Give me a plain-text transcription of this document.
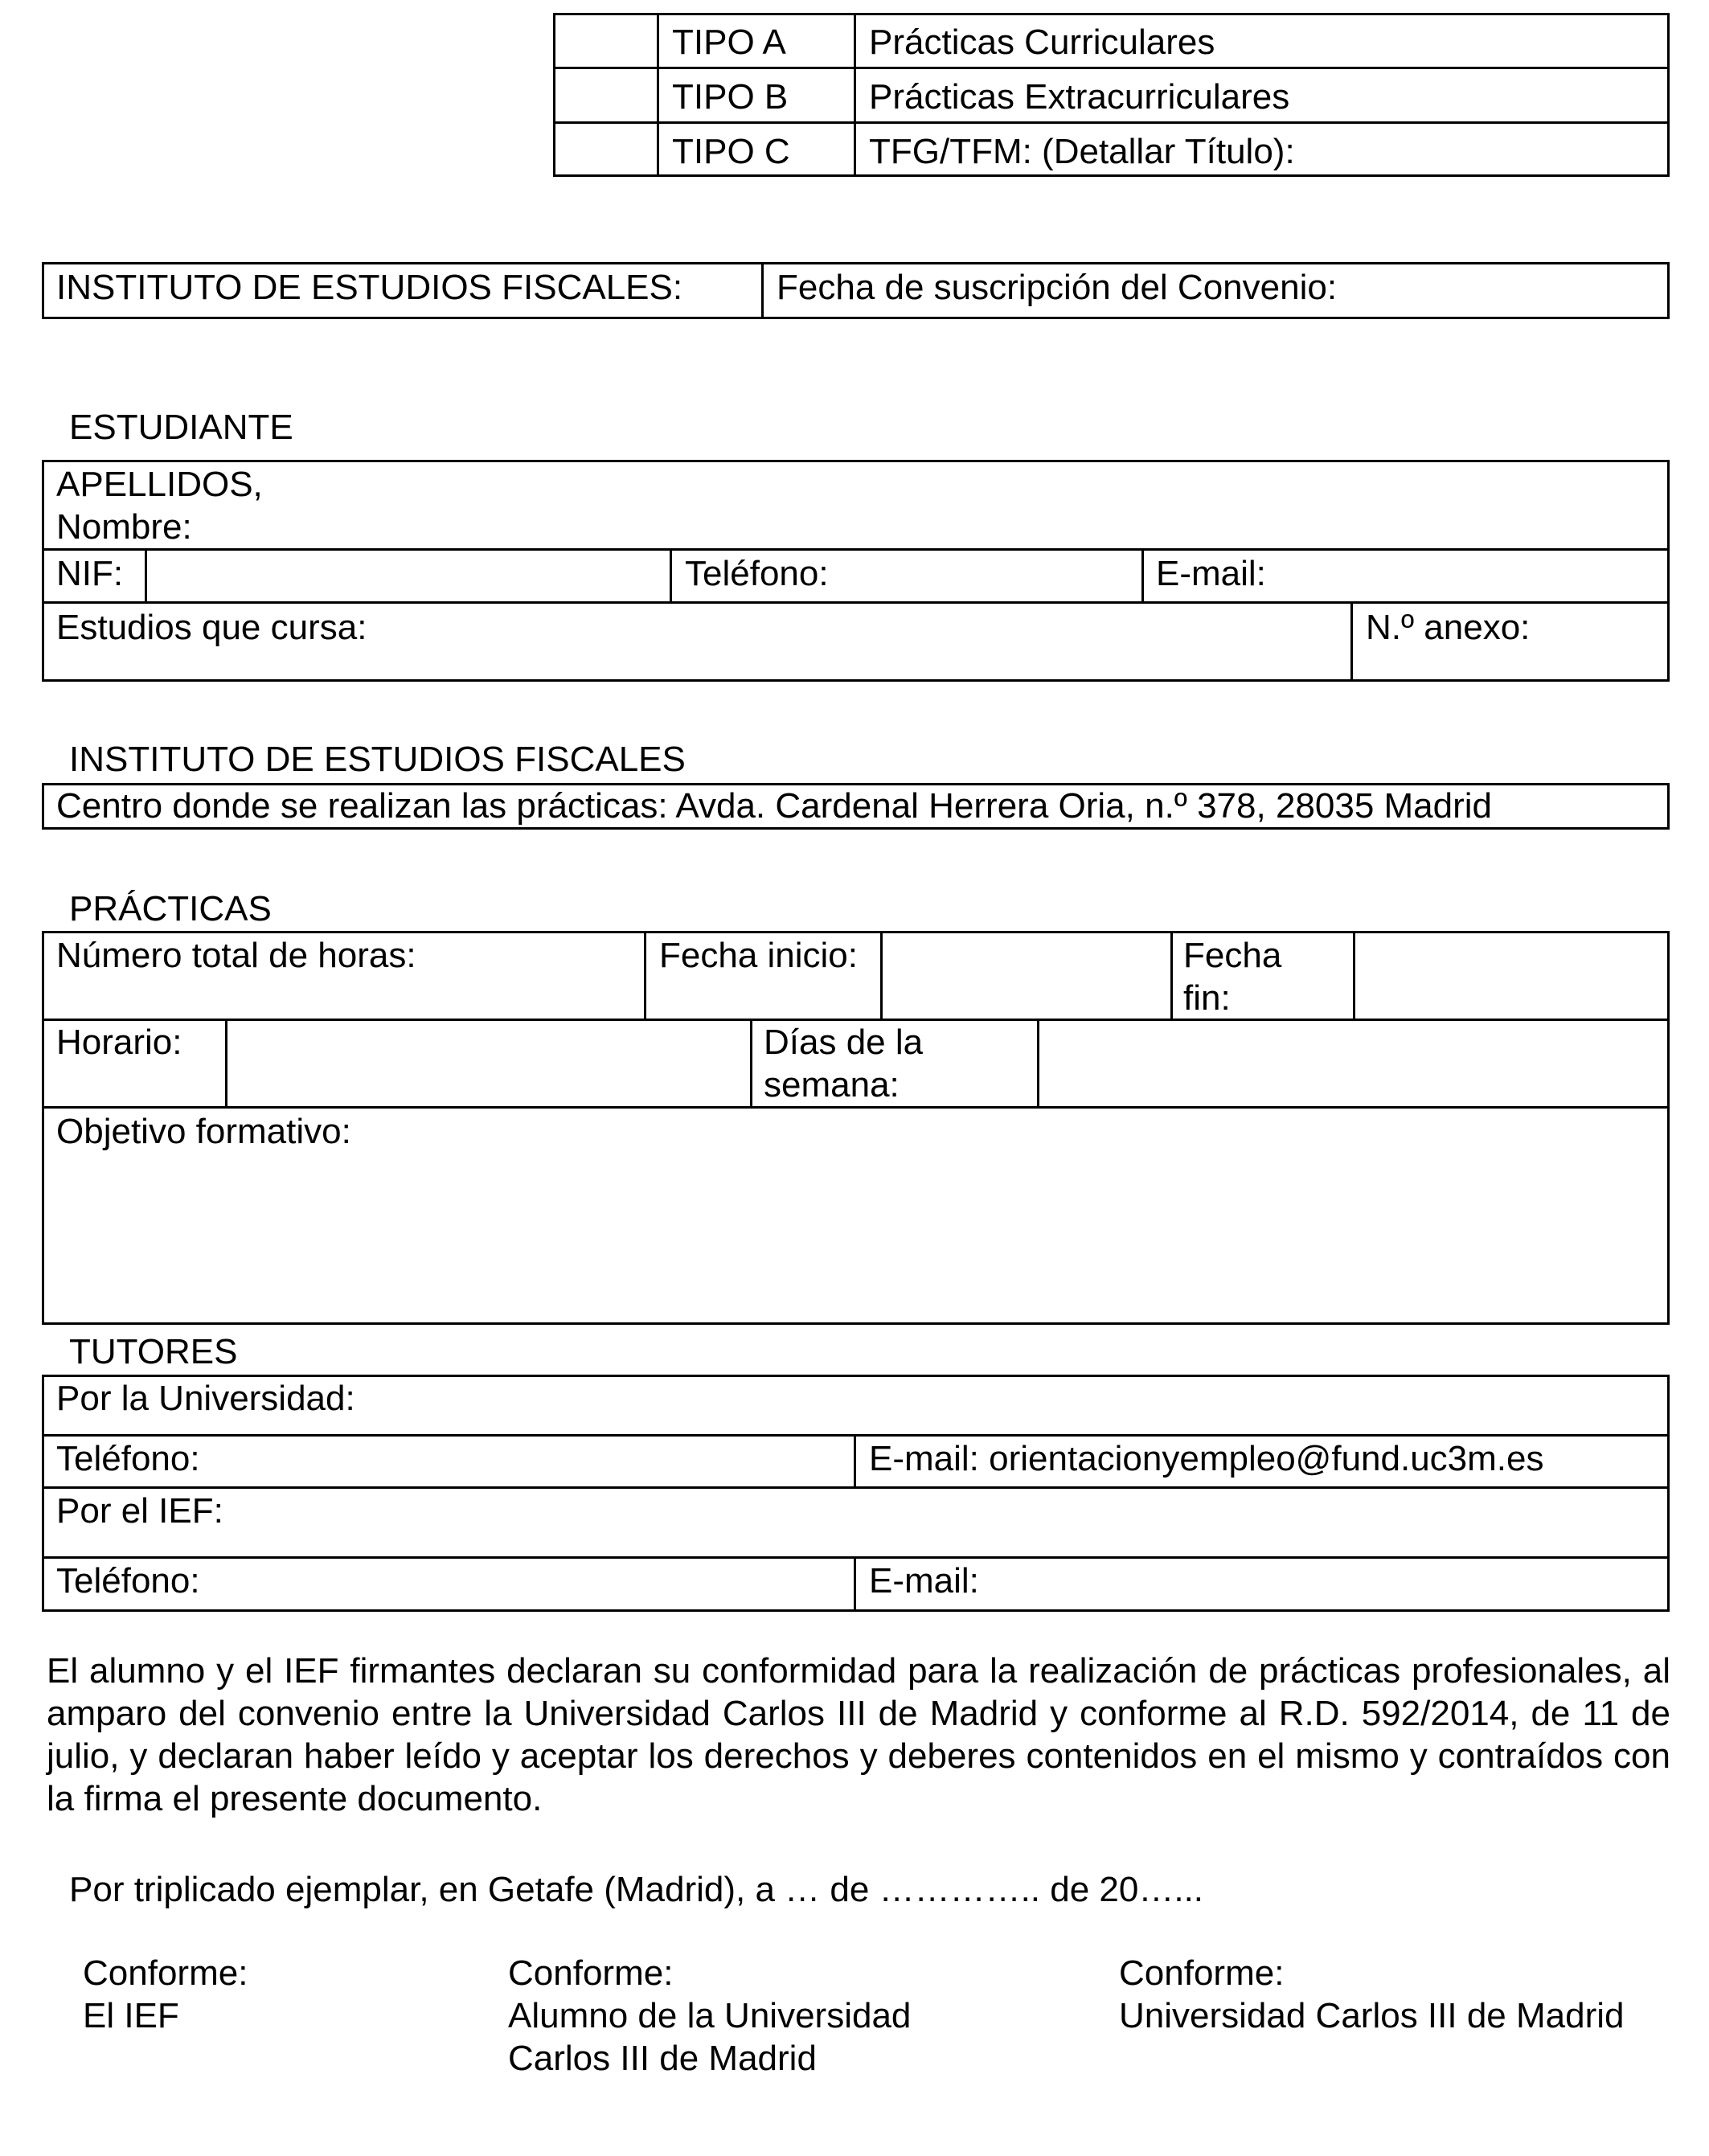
TIPO A Prácticas Curriculares
TIPO B Prácticas Extracurriculares
TIPO C TFG/TFM: (Detallar Título):
INSTITUTO DE ESTUDIOS FISCALES:	Fecha de suscripción del Convenio:
ESTUDIANTE
APELLIDOS,
Nombre:
NIF:	Teléfono:	E-mail:
Estudios que cursa:	N.º anexo:
INSTITUTO DE ESTUDIOS FISCALES
Centro donde se realizan las prácticas: Avda. Cardenal Herrera Oria, n.º 378, 28035 Madrid
PRÁCTICAS
Número total de horas:	Fecha inicio:	Fecha
fin:
Horario:	Días de la
semana:
Objetivo formativo:
TUTORES
Por la Universidad:
Teléfono:	E-mail: orientacionyempleo@fund.uc3m.es
Por el IEF:
Teléfono:	E-mail:
El alumno y el IEF firmantes declaran su conformidad para la realización de prácticas profesionales, al amparo del convenio entre la Universidad Carlos III de Madrid y conforme al R.D. 592/2014, de 11 de julio, y declaran haber leído y aceptar los derechos y deberes contenidos en el mismo y contraídos con la firma el presente documento.
Por triplicado ejemplar, en Getafe (Madrid), a … de ………….. de 20…...
Conforme:
El IEF
Conforme:
Alumno de la Universidad
Carlos III de Madrid
Conforme:
Universidad Carlos III de Madrid
